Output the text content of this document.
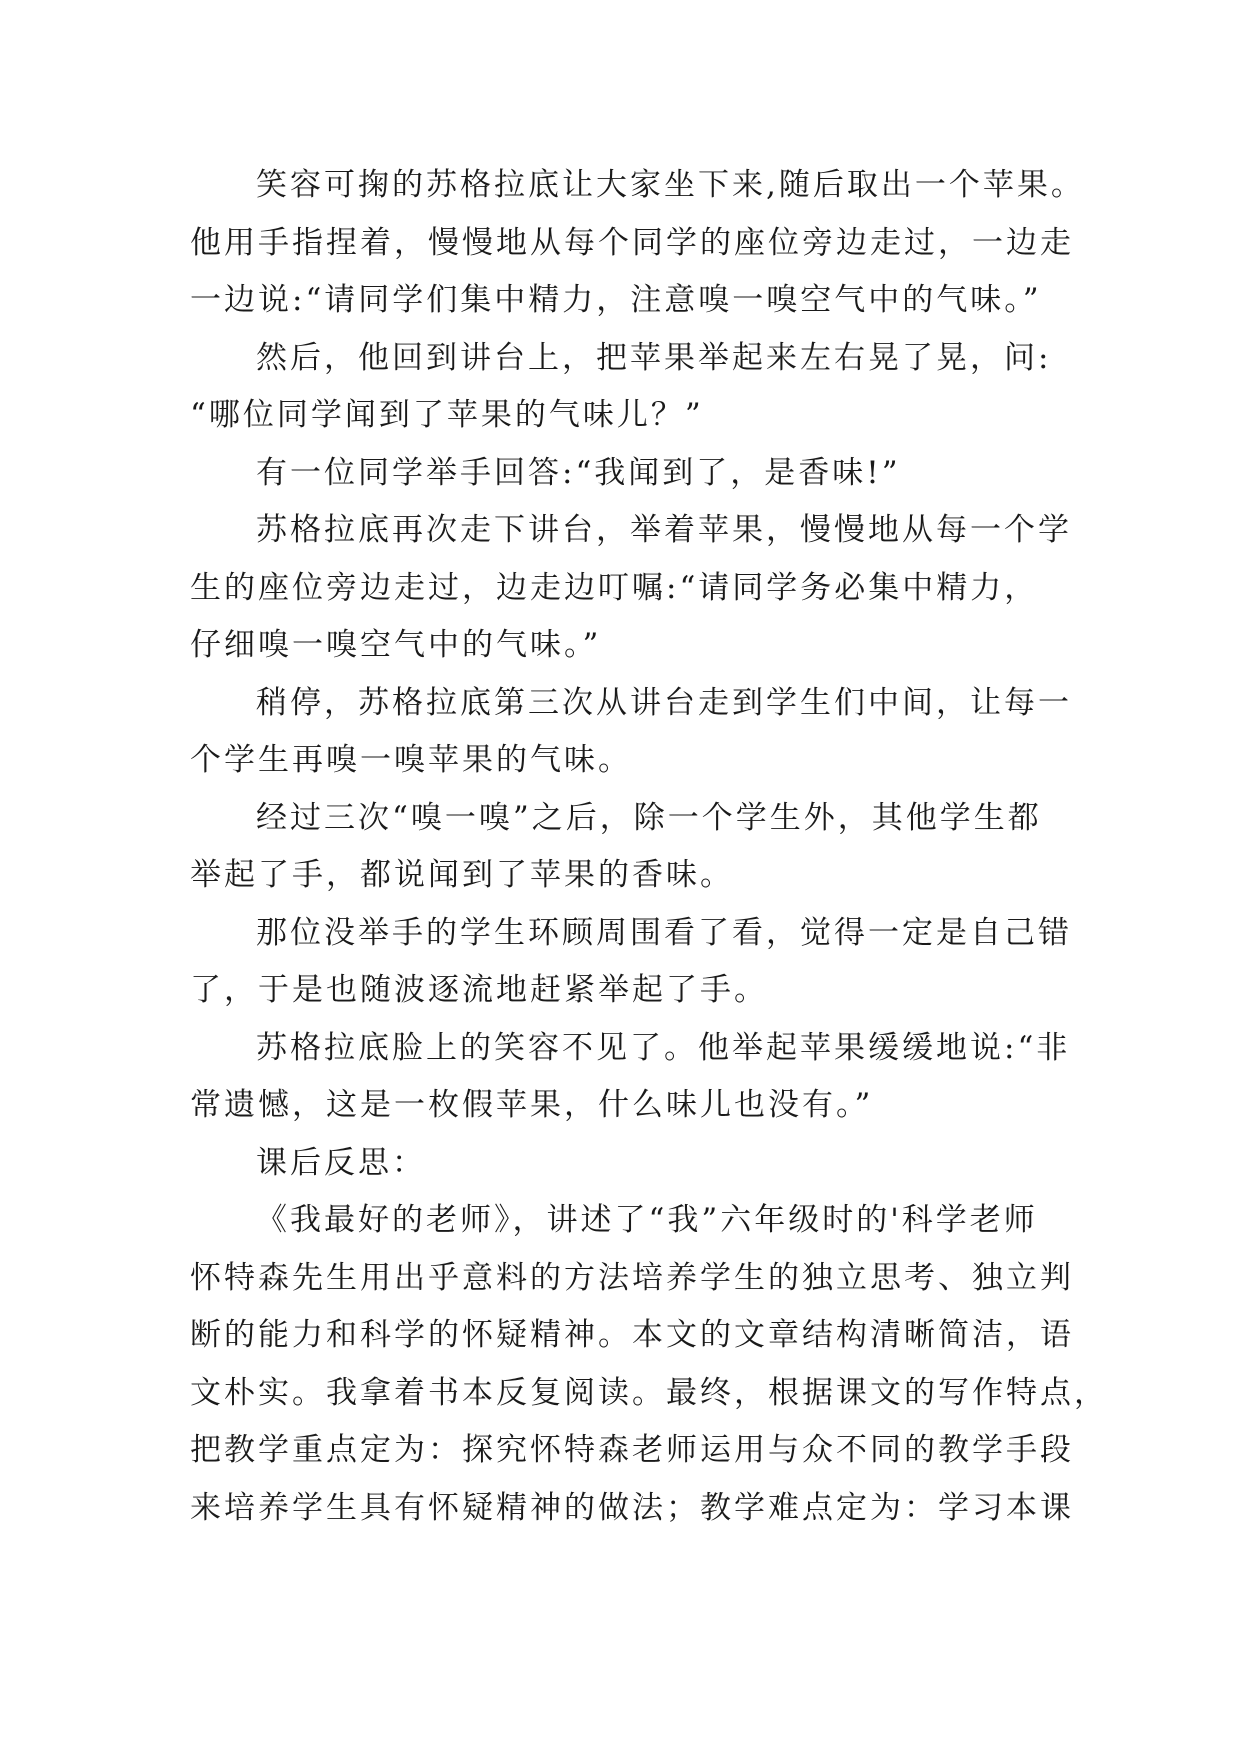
笑容可掬的苏格拉底让大家坐下来,随后取出一个苹果。
他用手指捏着，慢慢地从每个同学的座位旁边走过，一边走
一边说:“请同学们集中精力，注意嗅一嗅空气中的气味。”
然后，他回到讲台上，把苹果举起来左右晃了晃，问:
“哪位同学闻到了苹果的气味儿？”
有一位同学举手回答:“我闻到了，是香味!”
苏格拉底再次走下讲台，举着苹果，慢慢地从每一个学
生的座位旁边走过，边走边叮嘱:“请同学务必集中精力，
仔细嗅一嗅空气中的气味。”
稍停，苏格拉底第三次从讲台走到学生们中间，让每一
个学生再嗅一嗅苹果的气味。
经过三次“嗅一嗅”之后，除一个学生外，其他学生都
举起了手，都说闻到了苹果的香味。
那位没举手的学生环顾周围看了看，觉得一定是自己错
了，于是也随波逐流地赶紧举起了手。
苏格拉底脸上的笑容不见了。他举起苹果缓缓地说:“非
常遗憾，这是一枚假苹果，什么味儿也没有。”
课后反思：
《我最好的老师》，讲述了“我”六年级时的'科学老师
怀特森先生用出乎意料的方法培养学生的独立思考、独立判
断的能力和科学的怀疑精神。本文的文章结构清晰简洁，语
文朴实。我拿着书本反复阅读。最终，根据课文的写作特点，
把教学重点定为：探究怀特森老师运用与众不同的教学手段
来培养学生具有怀疑精神的做法；教学难点定为：学习本课
